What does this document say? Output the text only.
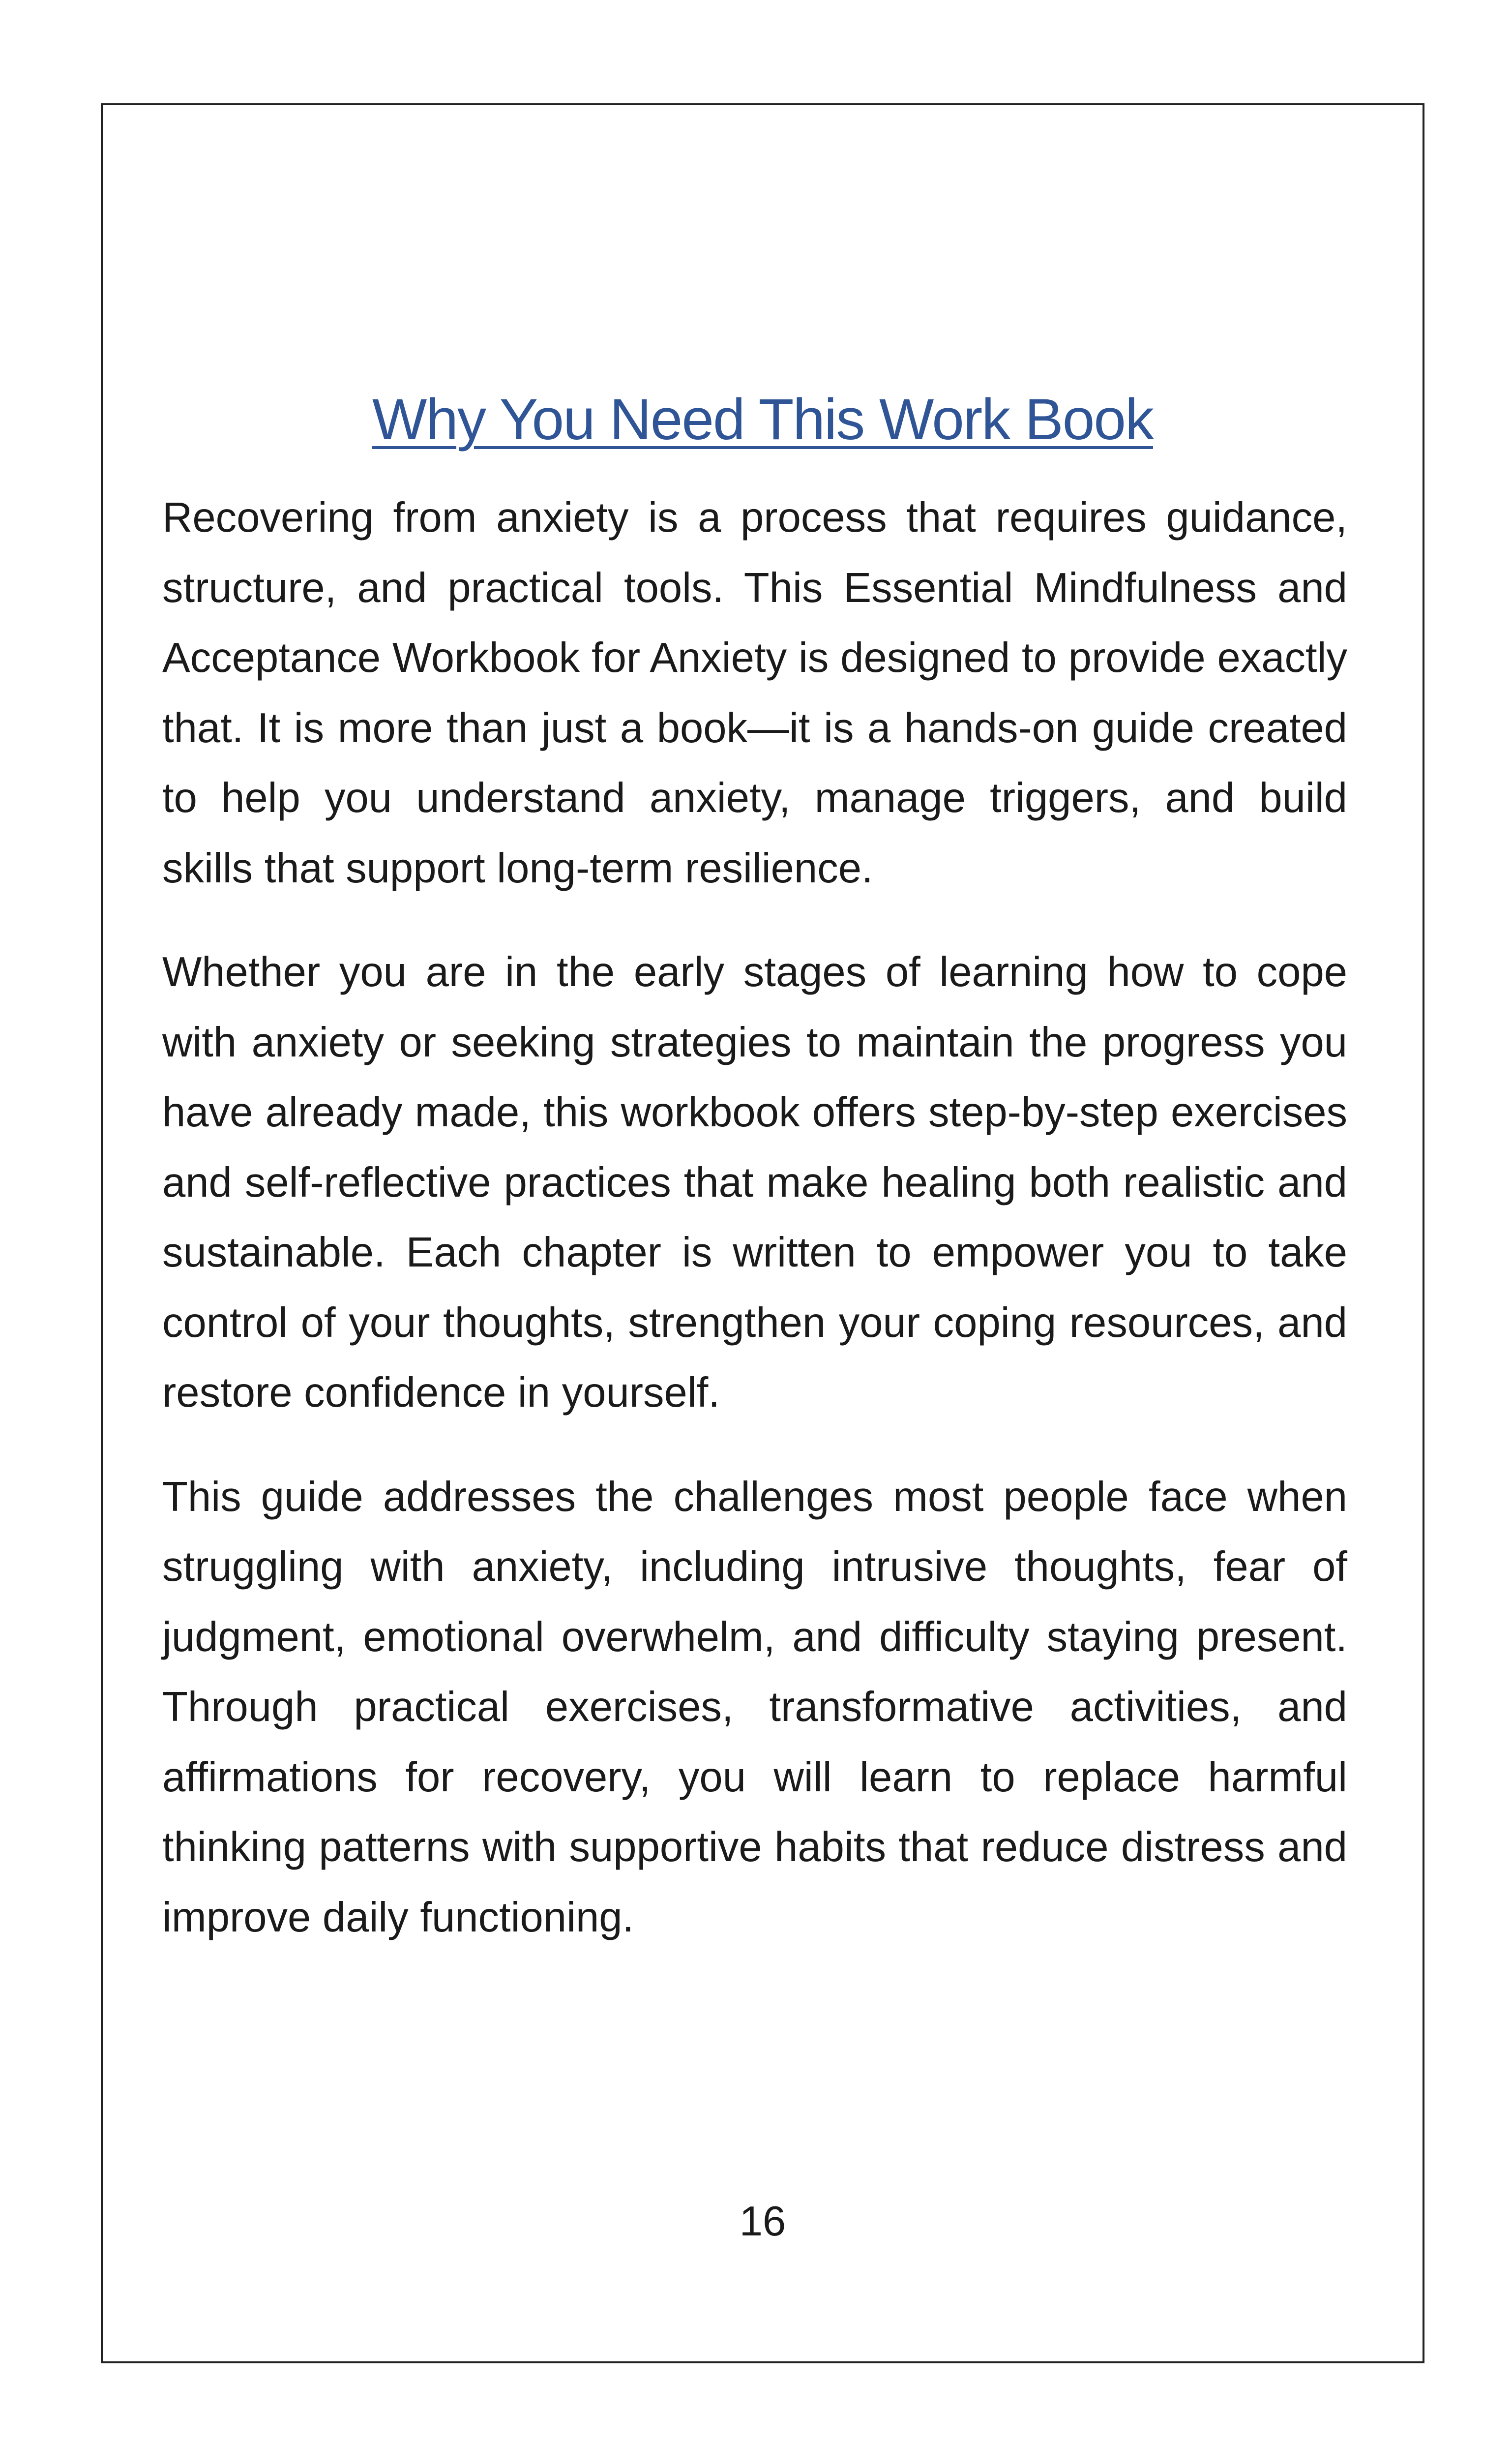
Why You Need This Work Book

Recovering from anxiety is a process that requires guidance, structure, and practical tools. This Essential Mindfulness and Acceptance Workbook for Anxiety is designed to provide exactly that. It is more than just a book—it is a hands-on guide created to help you understand anxiety, manage triggers, and build skills that support long-term resilience.

Whether you are in the early stages of learning how to cope with anxiety or seeking strategies to maintain the progress you have already made, this workbook offers step-by-step exercises and self-reflective practices that make healing both realistic and sustainable. Each chapter is written to empower you to take control of your thoughts, strengthen your coping resources, and restore confidence in yourself.

This guide addresses the challenges most people face when struggling with anxiety, including intrusive thoughts, fear of judgment, emotional overwhelm, and difficulty staying present. Through practical exercises, transformative activities, and affirmations for recovery, you will learn to replace harmful thinking patterns with supportive habits that reduce distress and improve daily functioning.

16
